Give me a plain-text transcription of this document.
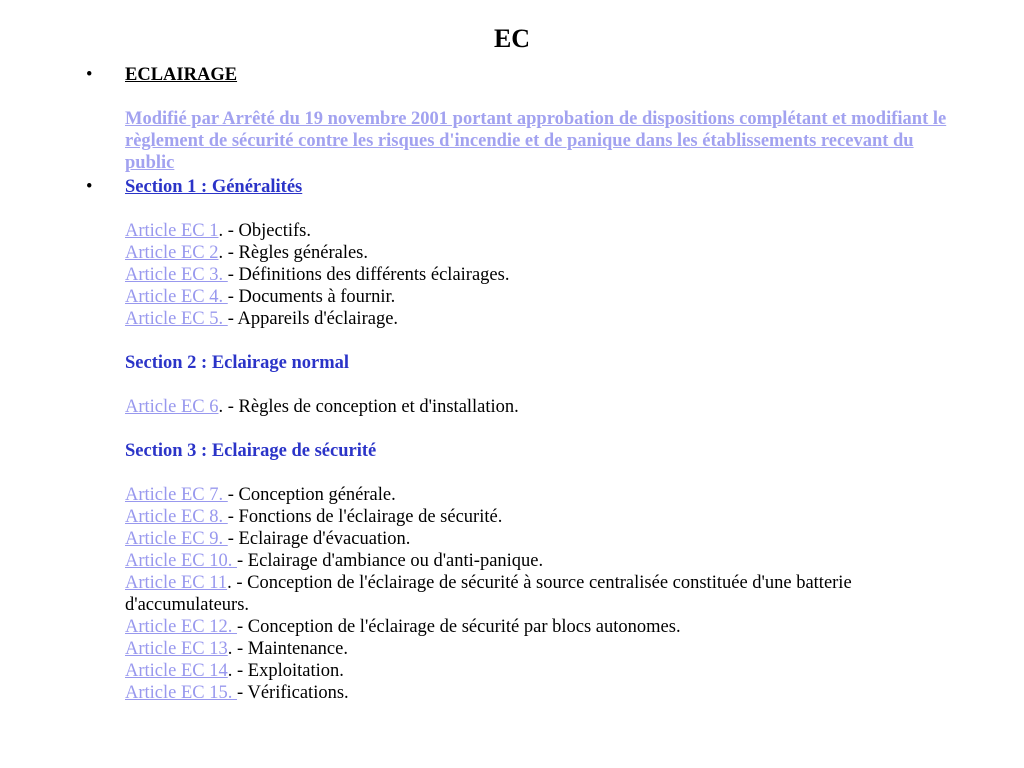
EC
• ECLAIRAGE
Modifié par Arrêté du 19 novembre 2001 portant approbation de dispositions complétant et modifiant le règlement de sécurité contre les risques d'incendie et de panique dans les établissements recevant du public
• Section 1 : Généralités
Article EC 1. - Objectifs.
Article EC 2. - Règles générales.
Article EC 3. - Définitions des différents éclairages.
Article EC 4. - Documents à fournir.
Article EC 5. - Appareils d'éclairage.
Section 2 : Eclairage normal
Article EC 6. - Règles de conception et d'installation.
Section 3 : Eclairage de sécurité
Article EC 7. - Conception générale.
Article EC 8. - Fonctions de l'éclairage de sécurité.
Article EC 9. - Eclairage d'évacuation.
Article EC 10. - Eclairage d'ambiance ou d'anti-panique.
Article EC 11. - Conception de l'éclairage de sécurité à source centralisée constituée d'une batterie d'accumulateurs.
Article EC 12. - Conception de l'éclairage de sécurité par blocs autonomes.
Article EC 13. - Maintenance.
Article EC 14. - Exploitation.
Article EC 15. - Vérifications.
